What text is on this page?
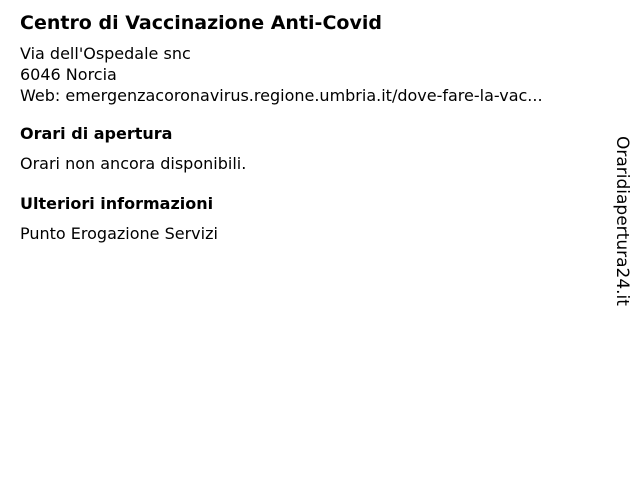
Centro di Vaccinazione Anti-Covid
Via dell'Ospedale snc
6046 Norcia
Web: emergenzacoronavirus.regione.umbria.it/dove-fare-la-vac...
Orari di apertura
Orari non ancora disponibili.
Ulteriori informazioni
Punto Erogazione Servizi	Oraridiapertura24.it
